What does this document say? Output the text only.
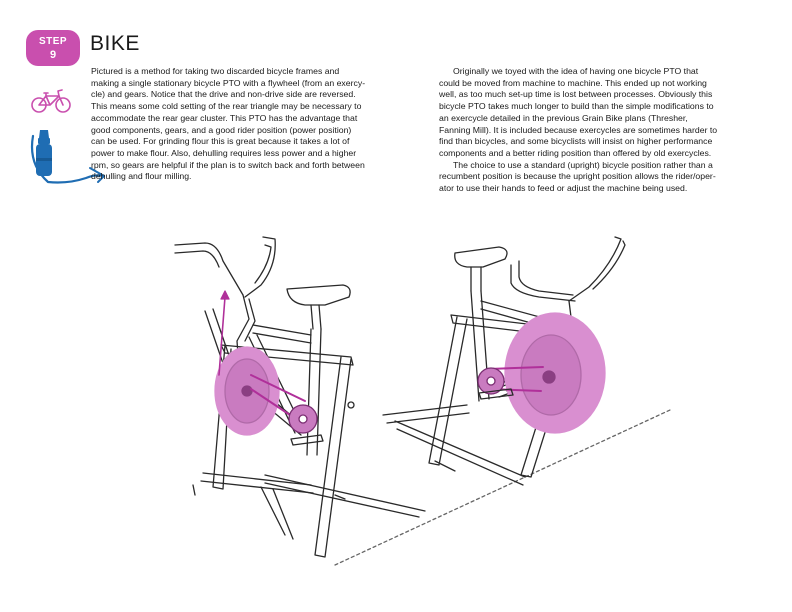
STEP
9	BIKE

Pictured is a method for taking two discarded bicycle frames and

making a single stationary bicycle PTO with a flywheel (from an exercy-

cle) and gears. Notice that the drive and non-drive side are reversed.

This means some cold setting of the rear triangle may be necessary to

accommodate the rear gear cluster. This PTO has the advantage that

good components, gears, and a good rider position (power position)

can be used. For grinding flour this is great because it takes a lot of

power to make flour. Also, dehulling requires less power and a higher

rpm, so gears are helpful if the plan is to switch back and forth between

dehulling and flour milling.

Originally we toyed with the idea of having one bicycle PTO that

could be moved from machine to machine. This ended up not working

well, as too much set-up time is lost between processes. Obviously this

bicycle PTO takes much longer to build than the simple modifications to

an exercycle detailed in the previous Grain Bike plans (Thresher,

Fanning Mill). It is included because exercycles are sometimes harder to

find than bicycles, and some bicyclists will insist on higher performance

components and a better riding position than offered by old exercycles.

The choice to use a standard (upright) bicycle position rather than a

recumbent position is because the upright position allows the rider/oper-

ator to use their hands to feed or adjust the machine being used.
